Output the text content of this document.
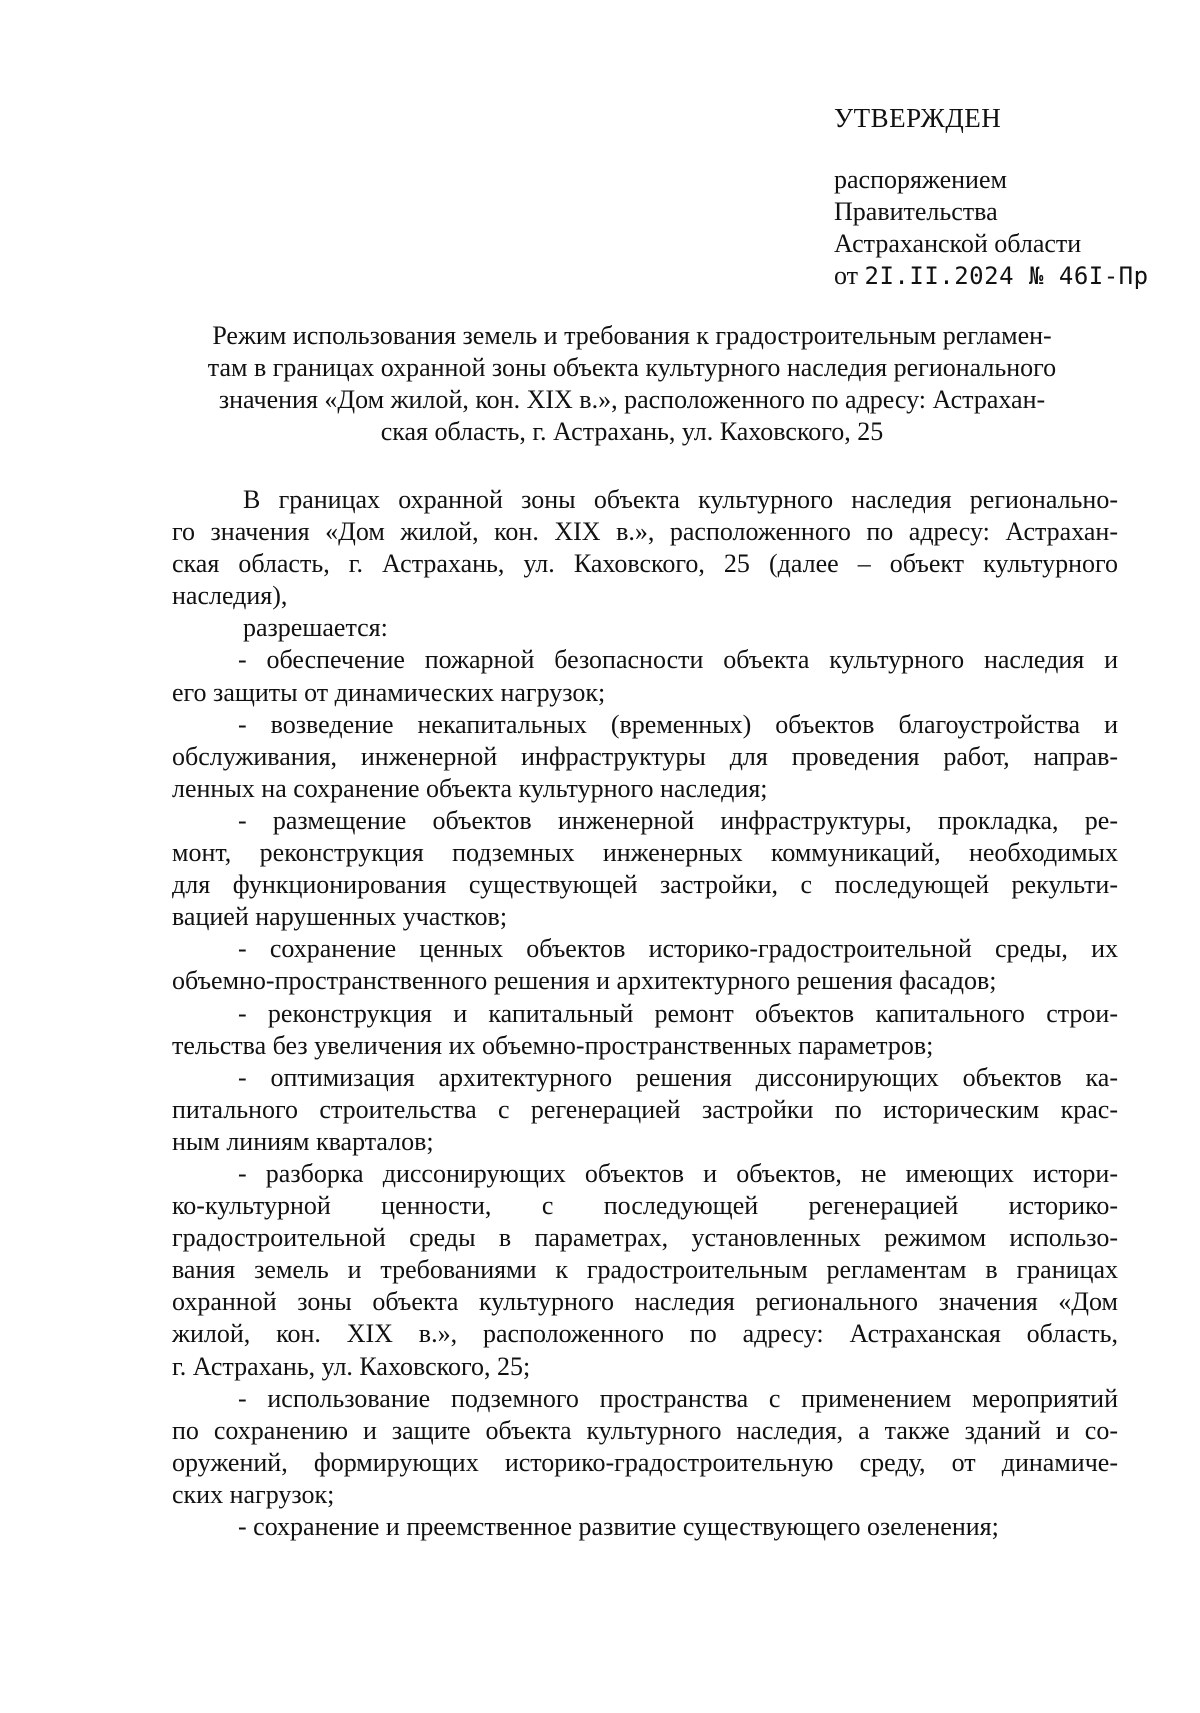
УТВЕРЖДЕН
распоряжением
Правительства
Астраханской области
от 2I.II.2024 № 46I-Пр
Режим использования земель и требования к градостроительным регламен-
там в границах охранной зоны объекта культурного наследия регионального
значения «Дом жилой, кон. XIX в.», расположенного по адресу: Астрахан-
ская область, г. Астрахань, ул. Каховского, 25
В границах охранной зоны объекта культурного наследия регионально-
го значения «Дом жилой, кон. XIX в.», расположенного по адресу: Астрахан-
ская область, г. Астрахань, ул. Каховского, 25 (далее – объект культурного
наследия),
разрешается:
- обеспечение пожарной безопасности объекта культурного наследия и
его защиты от динамических нагрузок;
- возведение некапитальных (временных) объектов благоустройства и
обслуживания, инженерной инфраструктуры для проведения работ, направ-
ленных на сохранение объекта культурного наследия;
- размещение объектов инженерной инфраструктуры, прокладка, ре-
монт, реконструкция подземных инженерных коммуникаций, необходимых
для функционирования существующей застройки, с последующей рекульти-
вацией нарушенных участков;
- сохранение ценных объектов историко-градостроительной среды, их
объемно-пространственного решения и архитектурного решения фасадов;
- реконструкция и капитальный ремонт объектов капитального строи-
тельства без увеличения их объемно-пространственных параметров;
- оптимизация архитектурного решения диссонирующих объектов ка-
питального строительства с регенерацией застройки по историческим крас-
ным линиям кварталов;
- разборка диссонирующих объектов и объектов, не имеющих истори-
ко-культурной ценности, с последующей регенерацией историко-
градостроительной среды в параметрах, установленных режимом использо-
вания земель и требованиями к градостроительным регламентам в границах
охранной зоны объекта культурного наследия регионального значения «Дом
жилой, кон. XIX в.», расположенного по адресу: Астраханская область,
г. Астрахань, ул. Каховского, 25;
- использование подземного пространства с применением мероприятий
по сохранению и защите объекта культурного наследия, а также зданий и со-
оружений, формирующих историко-градостроительную среду, от динамиче-
ских нагрузок;
- сохранение и преемственное развитие существующего озеленения;
